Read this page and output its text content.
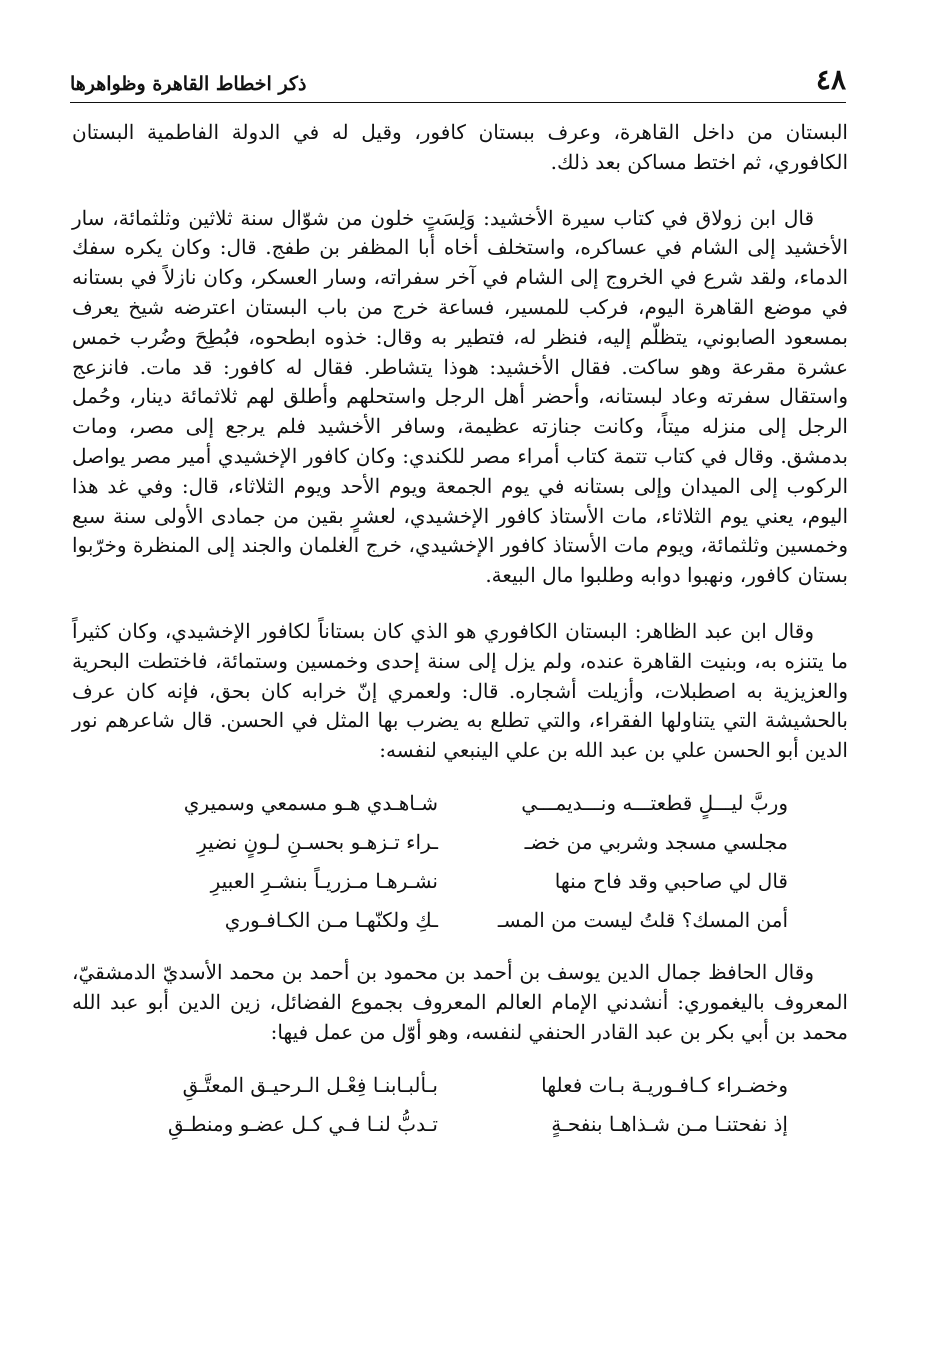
٤٨
ذكر اخطاط القاهرة وظواهرها

البستان من داخل القاهرة، وعرف ببستان كافور، وقيل له في الدولة الفاطمية البستان الكافوري، ثم اختط مساكن بعد ذلك.

قال ابن زولاق في كتاب سيرة الأخشيد: وَلِسَتٍ خلون من شوّال سنة ثلاثين وثلثمائة، سار الأخشيد إلى الشام في عساكره، واستخلف أخاه أبا المظفر بن طفج. قال: وكان يكره سفك الدماء، ولقد شرع في الخروج إلى الشام في آخر سفراته، وسار العسكر، وكان نازلاً في بستانه في موضع القاهرة اليوم، فركب للمسير، فساعة خرج من باب البستان اعترضه شيخ يعرف بمسعود الصابوني، يتظلّم إليه، فنظر له، فتطير به وقال: خذوه ابطحوه، فبُطِحَ وضُرب خمس عشرة مقرعة وهو ساكت. فقال الأخشيد: هوذا يتشاطر. فقال له كافور: قد مات. فانزعج واستقال سفرته وعاد لبستانه، وأحضر أهل الرجل واستحلهم وأطلق لهم ثلاثمائة دينار، وحُمل الرجل إلى منزله ميتاً، وكانت جنازته عظيمة، وسافر الأخشيد فلم يرجع إلى مصر، ومات بدمشق. وقال في كتاب تتمة كتاب أمراء مصر للكندي: وكان كافور الإخشيدي أمير مصر يواصل الركوب إلى الميدان وإلى بستانه في يوم الجمعة ويوم الأحد ويوم الثلاثاء، قال: وفي غد هذا اليوم، يعني يوم الثلاثاء، مات الأستاذ كافور الإخشيدي، لعشرٍ بقين من جمادى الأولى سنة سبع وخمسين وثلثمائة، ويوم مات الأستاذ كافور الإخشيدي، خرج الغلمان والجند إلى المنظرة وخرّبوا بستان كافور، ونهبوا دوابه وطلبوا مال البيعة.

وقال ابن عبد الظاهر: البستان الكافوري هو الذي كان بستاناً لكافور الإخشيدي، وكان كثيراً ما يتنزه به، وبنيت القاهرة عنده، ولم يزل إلى سنة إحدى وخمسين وستمائة، فاختطت البحرية والعزيزية به اصطبلات، وأزيلت أشجاره. قال: ولعمري إنّ خرابه كان بحق، فإنه كان عرف بالحشيشة التي يتناولها الفقراء، والتي تطلع به يضرب بها المثل في الحسن. قال شاعرهم نور الدين أبو الحسن علي بن عبد الله بن علي الينبعي لنفسه:

وربَّ ليـــلٍ قطعتـــه ونـــديمـــي
شـاهـدي هـو مسمعي وسميري
مجلسي مسجد وشربي من خضـ
ـراء تـزهـو بحسـنِ لـونٍ نضيرِ
قال لي صاحبي وقد فاح منها
نشـرهـا مـزريـاً بنشـرِ العبيرِ
أمن المسك؟ قلتُ ليست من المسـ
ـكِ ولكنّهـا مـن الكـافـوري

وقال الحافظ جمال الدين يوسف بن أحمد بن محمود بن أحمد بن محمد الأسديّ الدمشقيّ، المعروف باليغموري: أنشدني الإمام العالم المعروف بجموع الفضائل، زين الدين أبو عبد الله محمد بن أبي بكر بن عبد القادر الحنفي لنفسه، وهو أوّل من عمل فيها:

وخضـراء كـافـوريـة بـات فعلها
بـألبـابنـا فِعْـل الـرحيـق المعتَّـقِ
إذ نفحتنـا مـن شـذاهـا بنفحـةٍ
تـدبُّ لنـا فـي كـل عضـو ومنطـقِ
